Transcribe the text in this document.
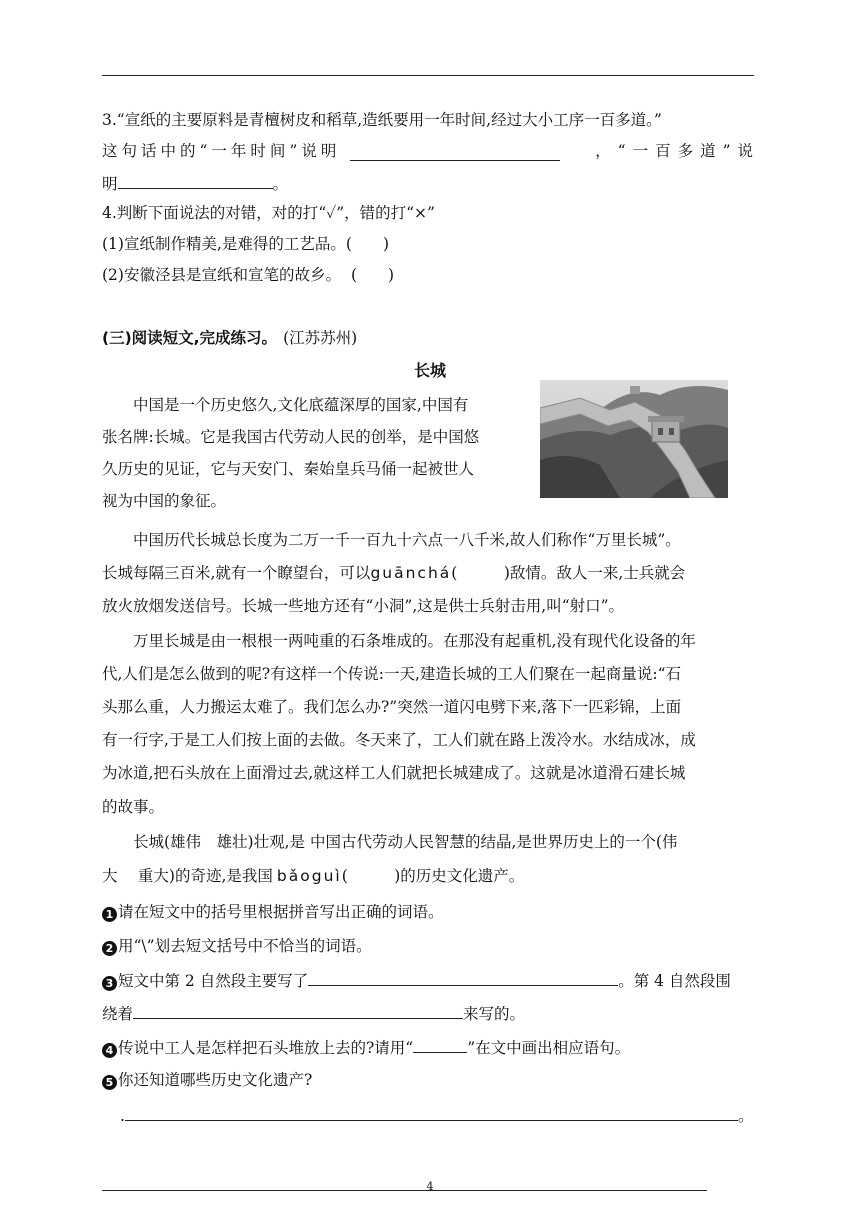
3.“宣纸的主要原料是青檀树皮和稻草,造纸要用一年时间,经过大小工序一百多道。”
这句话中的“一年时间”说明	，“一百多道”说
明	。
4.判断下面说法的对错，对的打“✓”，错的打“×”
(1)宣纸制作精美,是难得的工艺品。(　　)
(2)安徽泾县是宣纸和宣笔的故乡。 (　　)
(三)阅读短文,完成练习。 (江苏苏州)
长城
中国是一个历史悠久,文化底蕴深厚的国家,中国有
张名牌:长城。它是我国古代劳动人民的创举，是中国悠
久历史的见证，它与天安门、秦始皇兵马俑一起被世人
视为中国的象征。
中国历代长城总长度为二万一千一百九十六点一八千米,故人们称作“万里长城”。
长城每隔三百米,就有一个瞭望台，可以guānchá(　　　)敌情。敌人一来,士兵就会
放火放烟发送信号。长城一些地方还有“小洞”,这是供士兵射击用,叫“射口”。
万里长城是由一根根一两吨重的石条堆成的。在那没有起重机,没有现代化设备的年
代,人们是怎么做到的呢?有这样一个传说:一天,建造长城的工人们聚在一起商量说:“石
头那么重，人力搬运太难了。我们怎么办?”突然一道闪电劈下来,落下一匹彩锦，上面
有一行字,于是工人们按上面的去做。冬天来了，工人们就在路上泼冷水。水结成冰，成
为冰道,把石头放在上面滑过去,就这样工人们就把长城建成了。这就是冰道滑石建长城
的故事。
长城(雄伟　雄壮)壮观,是 中国古代劳动人民智慧的结晶,是世界历史上的一个(伟
大　 重大)的奇迹,是我国 bǎoguì(　　　)的历史文化遗产。
1 请在短文中的括号里根据拼音写出正确的词语。
2 用“\”划去短文括号中不恰当的词语。
3 短文中第 2 自然段主要写了	。第 4 自然段围
绕着	来写的。
4 传说中工人是怎样把石头堆放上去的?请用“	”在文中画出相应语句。
5 你还知道哪些历史文化遗产?
.	。
4
